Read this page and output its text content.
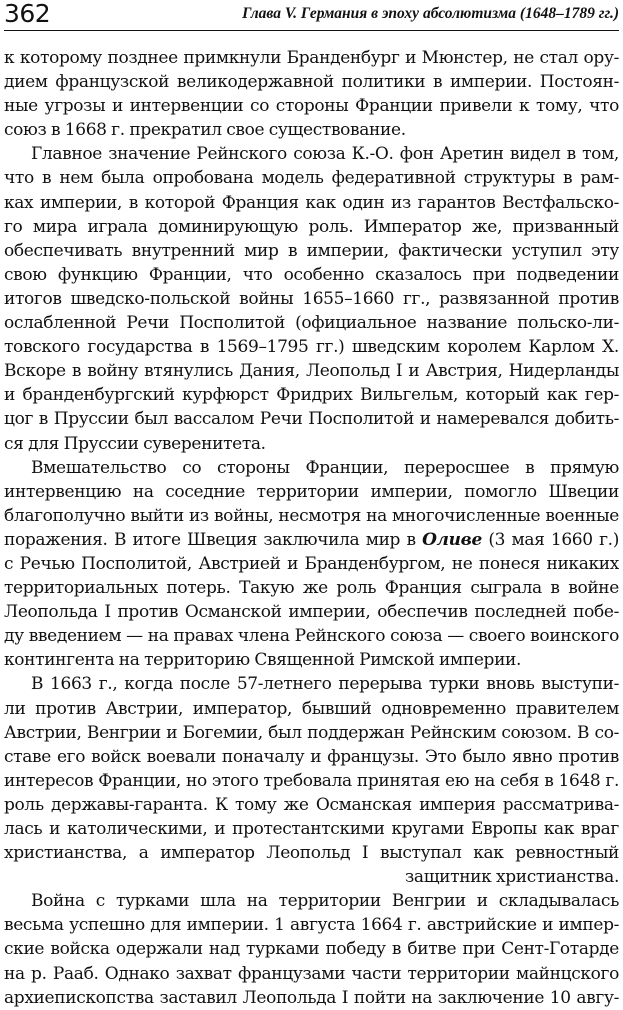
362	Глава V. Германия в эпоху абсолютизма (1648–1789 гг.)
к которому позднее примкнули Бранденбург и Мюнстер, не стал ору-
дием французской великодержавной политики в империи. Постоян-
ные угрозы и интервенции со стороны Франции привели к тому, что
союз в 1668 г. прекратил свое существование.
Главное значение Рейнского союза К.-О. фон Аретин видел в том,
что в нем была опробована модель федеративной структуры в рам-
ках империи, в которой Франция как один из гарантов Вестфальско-
го мира играла доминирующую роль. Император же, призванный
обеспечивать внутренний мир в империи, фактически уступил эту
свою функцию Франции, что особенно сказалось при подведении
итогов шведско-польской войны 1655–1660 гг., развязанной против
ослабленной Речи Посполитой (официальное название польско-ли-
товского государства в 1569–1795 гг.) шведским королем Карлом X.
Вскоре в войну втянулись Дания, Леопольд I и Австрия, Нидерланды
и бранденбургский курфюрст Фридрих Вильгельм, который как гер-
цог в Пруссии был вассалом Речи Посполитой и намеревался добить-
ся для Пруссии суверенитета.
Вмешательство со стороны Франции, переросшее в прямую
интервенцию на соседние территории империи, помогло Швеции
благополучно выйти из войны, несмотря на многочисленные военные
поражения. В итоге Швеция заключила мир в Оливе (3 мая 1660 г.)
с Речью Посполитой, Австрией и Бранденбургом, не понеся никаких
территориальных потерь. Такую же роль Франция сыграла в войне
Леопольда I против Османской империи, обеспечив последней побе-
ду введением — на правах члена Рейнского союза — своего воинского
контингента на территорию Священной Римской империи.
В 1663 г., когда после 57-летнего перерыва турки вновь выступи-
ли против Австрии, император, бывший одновременно правителем
Австрии, Венгрии и Богемии, был поддержан Рейнским союзом. В со-
ставе его войск воевали поначалу и французы. Это было явно против
интересов Франции, но этого требовала принятая ею на себя в 1648 г.
роль державы-гаранта. К тому же Османская империя рассматрива-
лась и католическими, и протестантскими кругами Европы как враг
христианства, а император Леопольд I выступал как ревностный
защитник христианства.
Война с турками шла на территории Венгрии и складывалась
весьма успешно для империи. 1 августа 1664 г. австрийские и импер-
ские войска одержали над турками победу в битве при Сент-Готарде
на р. Рааб. Однако захват французами части территории майнцского
архиепископства заставил Леопольда I пойти на заключение 10 авгу-
